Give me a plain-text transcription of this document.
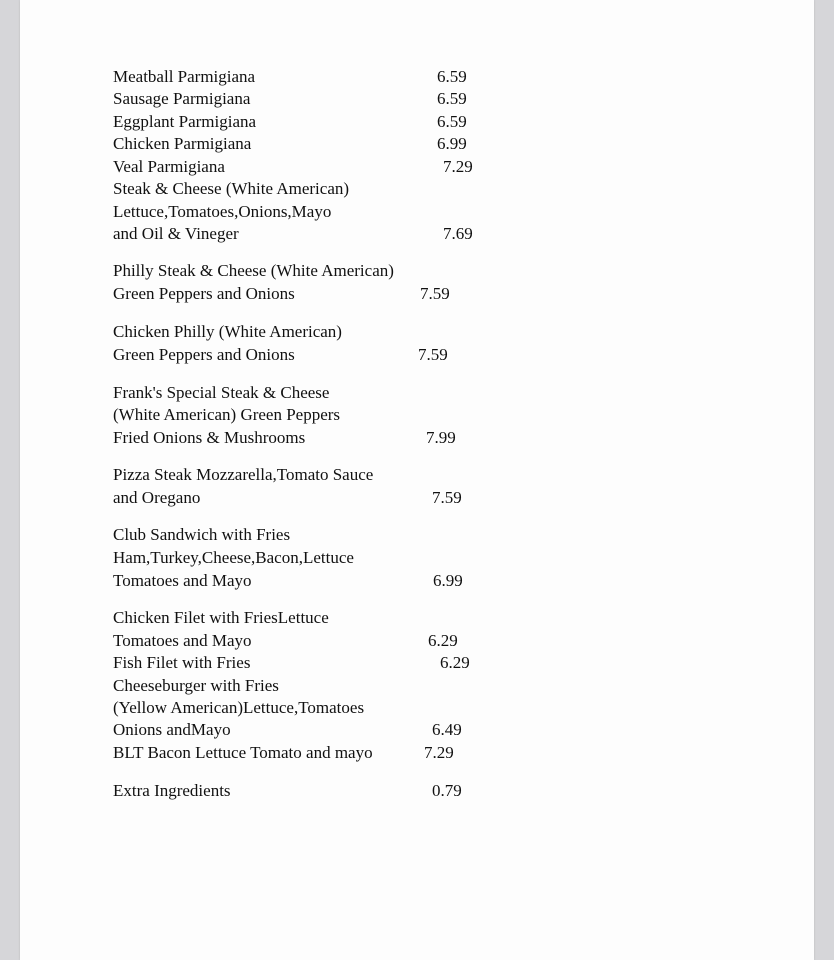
Meatball Parmigiana
Sausage Parmigiana
Eggplant Parmigiana
Chicken Parmigiana
Veal Parmigiana
Steak & Cheese (White American)
Lettuce,Tomatoes,Onions,Mayo
and Oil & Vineger
Philly Steak & Cheese (White American)
Green Peppers and Onions
Chicken Philly (White American)
Green Peppers and Onions
Frank's Special Steak & Cheese
(White American) Green Peppers
Fried Onions & Mushrooms
Pizza Steak Mozzarella,Tomato Sauce
and Oregano
Club Sandwich with Fries
Ham,Turkey,Cheese,Bacon,Lettuce
Tomatoes and Mayo
Chicken Filet with FriesLettuce
Tomatoes and Mayo
Fish Filet with Fries
Cheeseburger with Fries
(Yellow American)Lettuce,Tomatoes
Onions andMayo
BLT Bacon Lettuce Tomato and mayo
Extra Ingredients
6.59
6.59
6.59
6.99
7.29
7.69
7.59
7.59
7.99
7.59
6.99
6.29
6.29
6.49
7.29
0.79
